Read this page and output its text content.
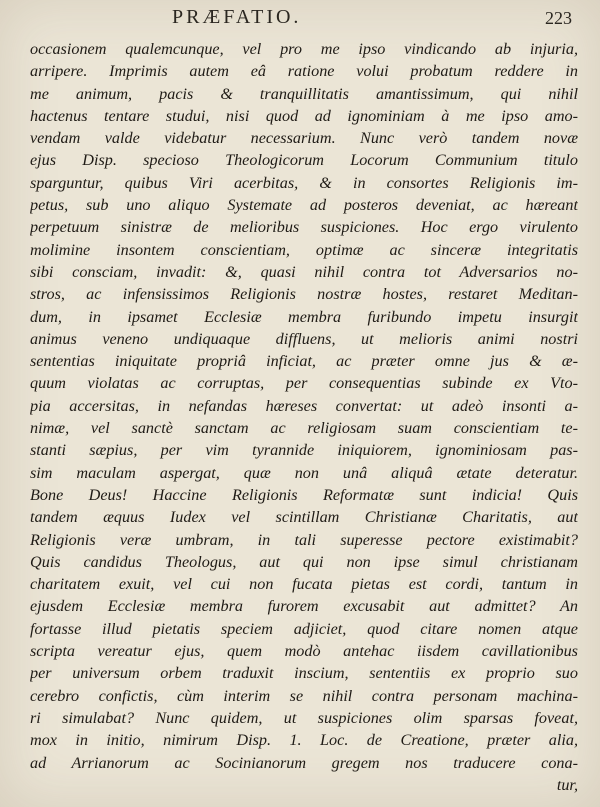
PRÆFATIO.	223
occasionem qualemcunque, vel pro me ipso vindicando ab injuria,
arripere. Imprimis autem eâ ratione volui probatum reddere in
me animum, pacis & tranquillitatis amantissimum, qui nihil
hactenus tentare studui, nisi quod ad ignominiam à me ipso amo-
vendam valde videbatur necessarium. Nunc verò tandem novæ
ejus Disp. specioso Theologicorum Locorum Communium titulo
sparguntur, quibus Viri acerbitas, & in consortes Religionis im-
petus, sub uno aliquo Systemate ad posteros deveniat, ac hæreant
perpetuum sinistræ de melioribus suspiciones. Hoc ergo virulento
molimine insontem conscientiam, optimæ ac sinceræ integritatis
sibi consciam, invadit: &, quasi nihil contra tot Adversarios no-
stros, ac infensissimos Religionis nostræ hostes, restaret Meditan-
dum, in ipsamet Ecclesiæ membra furibundo impetu insurgit
animus veneno undiquaque diffluens, ut melioris animi nostri
sententias iniquitate propriâ inficiat, ac præter omne jus & æ-
quum violatas ac corruptas, per consequentias subinde ex Vto-
pia accersitas, in nefandas hæreses convertat: ut adeò insonti a-
nimæ, vel sanctè sanctam ac religiosam suam conscientiam te-
stanti sæpius, per vim tyrannide iniquiorem, ignominiosam pas-
sim maculam aspergat, quæ non unâ aliquâ ætate deteratur.
Bone Deus! Haccine Religionis Reformatæ sunt indicia! Quis
tandem æquus Iudex vel scintillam Christianæ Charitatis, aut
Religionis veræ umbram, in tali superesse pectore existimabit?
Quis candidus Theologus, aut qui non ipse simul christianam
charitatem exuit, vel cui non fucata pietas est cordi, tantum in
ejusdem Ecclesiæ membra furorem excusabit aut admittet? An
fortasse illud pietatis speciem adjiciet, quod citare nomen atque
scripta vereatur ejus, quem modò antehac iisdem cavillationibus
per universum orbem traduxit inscium, sententiis ex proprio suo
cerebro confictis, cùm interim se nihil contra personam machina-
ri simulabat? Nunc quidem, ut suspiciones olim sparsas foveat,
mox in initio, nimirum Disp. 1. Loc. de Creatione, præter alia,
ad Arrianorum ac Socinianorum gregem nos traducere cona-
tur,
